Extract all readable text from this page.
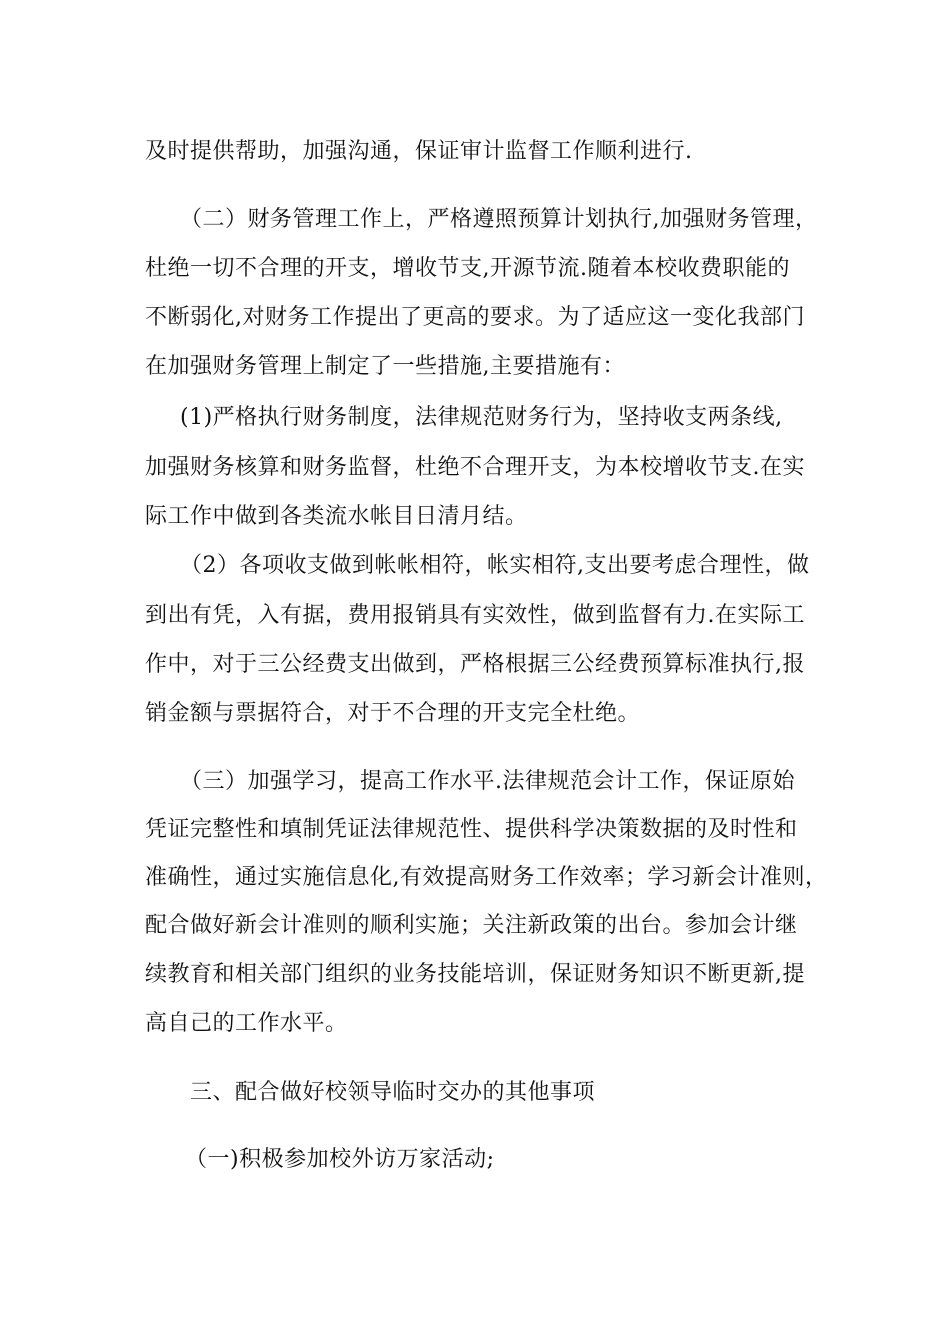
及时提供帮助，加强沟通，保证审计监督工作顺利进行.
（二）财务管理工作上，严格遵照预算计划执行,加强财务管理，
杜绝一切不合理的开支，增收节支,开源节流.随着本校收费职能的
不断弱化,对财务工作提出了更高的要求。为了适应这一变化我部门
在加强财务管理上制定了一些措施,主要措施有：
(1)严格执行财务制度，法律规范财务行为，坚持收支两条线,
加强财务核算和财务监督，杜绝不合理开支，为本校增收节支.在实
际工作中做到各类流水帐目日清月结。
（2）各项收支做到帐帐相符，帐实相符,支出要考虑合理性，做
到出有凭，入有据，费用报销具有实效性，做到监督有力.在实际工
作中，对于三公经费支出做到，严格根据三公经费预算标准执行,报
销金额与票据符合，对于不合理的开支完全杜绝。
（三）加强学习，提高工作水平.法律规范会计工作，保证原始
凭证完整性和填制凭证法律规范性、提供科学决策数据的及时性和
准确性，通过实施信息化,有效提高财务工作效率；学习新会计准则，
配合做好新会计准则的顺利实施；关注新政策的出台。参加会计继
续教育和相关部门组织的业务技能培训，保证财务知识不断更新,提
高自己的工作水平。
三、配合做好校领导临时交办的其他事项
（一)积极参加校外访万家活动;
